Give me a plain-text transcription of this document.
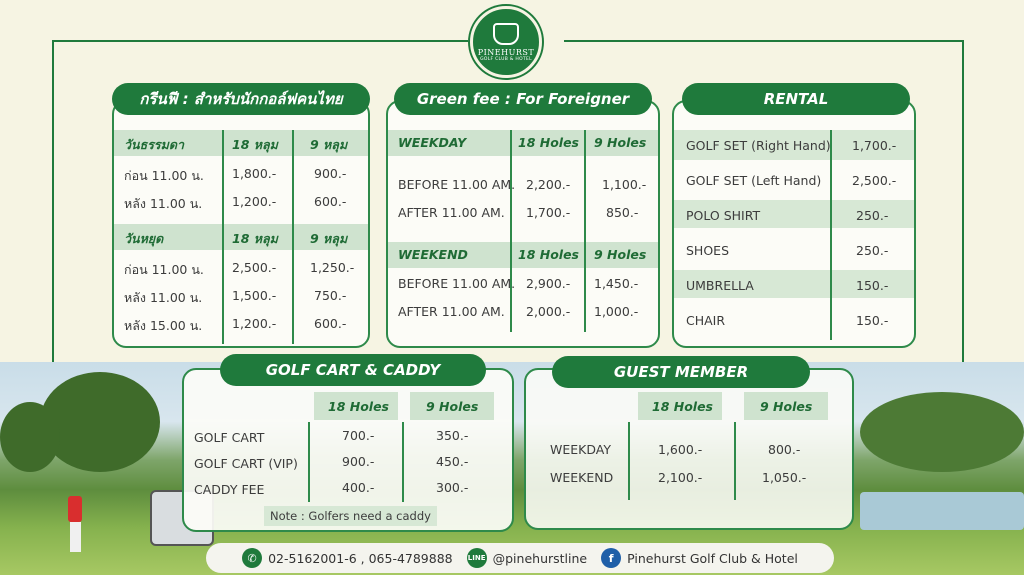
PINEHURST
GOLF CLUB & HOTEL
วันธรรมดา	18 หลุม	9 หลุม
ก่อน 11.00 น. 1,800.-	900.-
หลัง 11.00 น. 1,200.-	600.-
วันหยุด	18 หลุม	9 หลุม
ก่อน 11.00 น. 2,500.-	1,250.-
หลัง 11.00 น. 1,500.-	750.-
หลัง 15.00 น. 1,200.-	600.-
กรีนฟี : สำหรับนักกอล์ฟคนไทย
WEEKDAY	18 Holes 9 Holes
BEFORE 11.00 AM. 2,200.-	1,100.-
AFTER 11.00 AM. 1,700.-	850.-
WEEKEND	18 Holes 9 Holes
BEFORE 11.00 AM. 2,900.- 1,450.-
AFTER 11.00 AM. 2,000.- 1,000.-
Green fee : For Foreigner
GOLF SET (Right Hand) 1,700.-
GOLF SET (Left Hand) 2,500.-
POLO SHIRT	250.-
SHOES	250.-
UMBRELLA	150.-
CHAIR	150.-
RENTAL
18 Holes	9 Holes
GOLF CART	700.-	350.-
GOLF CART (VIP)	900.-	450.-
CADDY FEE	400.-	300.-
Note : Golfers need a caddy
GOLF CART & CADDY
18 Holes	9 Holes
WEEKDAY	1,600.-	800.-
WEEKEND	2,100.-	1,050.-
GUEST MEMBER
✆ 02-5162001-6 , 065-4789888 LINE @pinehurstline	f	Pinehurst Golf Club & Hotel
